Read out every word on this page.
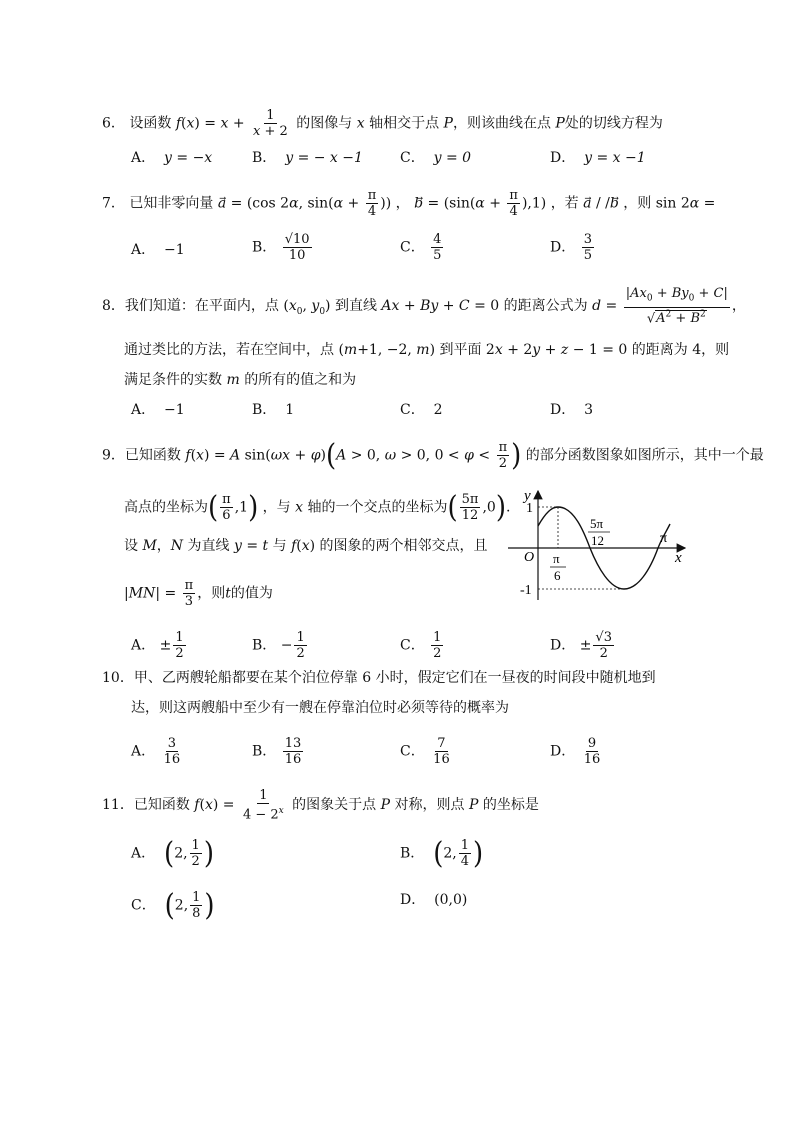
6． 设函数 $f(x) = x + \frac{1}{x + 2}$ 的图像与 x 轴相交于点 P，则该曲线在点 P处的切线方程为
A． y = −x	B． y = − x −1	C． y = 0	D． y = x −1
7． 已知非零向量 a⃗ = (cos 2α, $\sin(\alpha + \frac{\pi}{4}$ )) ， b⃗ = $(\sin(\alpha + \frac{\pi}{4} ),1)$ ，若 a⃗ / /b⃗ ，则 sin 2α =
A． −1	B． $\frac{√10}{10}$	C． $\frac{4}{5}$	D． $\frac{3}{5}$
8．我们知道：在平面内，点 ($x_0$, $y_0$) 到直线 Ax + By + C = 0 的距离公式为 $d = \frac{|Ax_0 + By_0 + C|}{√A^2 + B^2}$ ，
通过类比的方法，若在空间中，点 (m+1, −2, m) 到平面 2x + 2y + z − 1 = 0 的距离为 4，则
满足条件的实数 m 的所有的值之和为
A． −1	B． 1	C． 2	D． 3
9．已知函数 f(x) = A sin(ωx + φ)(A > 0, ω > 0, $0 < \varphi < \frac{\pi}{2}$ ) 的部分函数图象如图所示，其中一个最
高点的坐标为( $\frac{\pi}{6} ,1$) ，与 x 轴的一个交点的坐标为( $\frac{5\pi}{12} ,0$).
设 M，N 为直线 y = t 与 f(x) 的图象的两个相邻交点，且
$|MN| = \frac{\pi}{3}$ ，则t的值为
y
x
O
1
-1
π
6
5π
12	π
A． ± $\frac{1}{2}$	B． − $\frac{1}{2}$	C． $\frac{1}{2}$	D． ± $\frac{√3}{2}$
10．甲、乙两艘轮船都要在某个泊位停靠 6 小时，假定它们在一昼夜的时间段中随机地到
达，则这两艘船中至少有一艘在停靠泊位时必须等待的概率为
A． $\frac{3}{16}$	B． $\frac{13}{16}$	C． $\frac{7}{16}$	D． $\frac{9}{16}$
11．已知函数 $f(x) = \frac{1}{4 - 2^x}$ 的图象关于点 P 对称，则点 P 的坐标是
A． (2, $\frac{1}{2}$ )	B． (2, $\frac{1}{4}$ )
C． (2, $\frac{1}{8}$ )	D． (0,0)
